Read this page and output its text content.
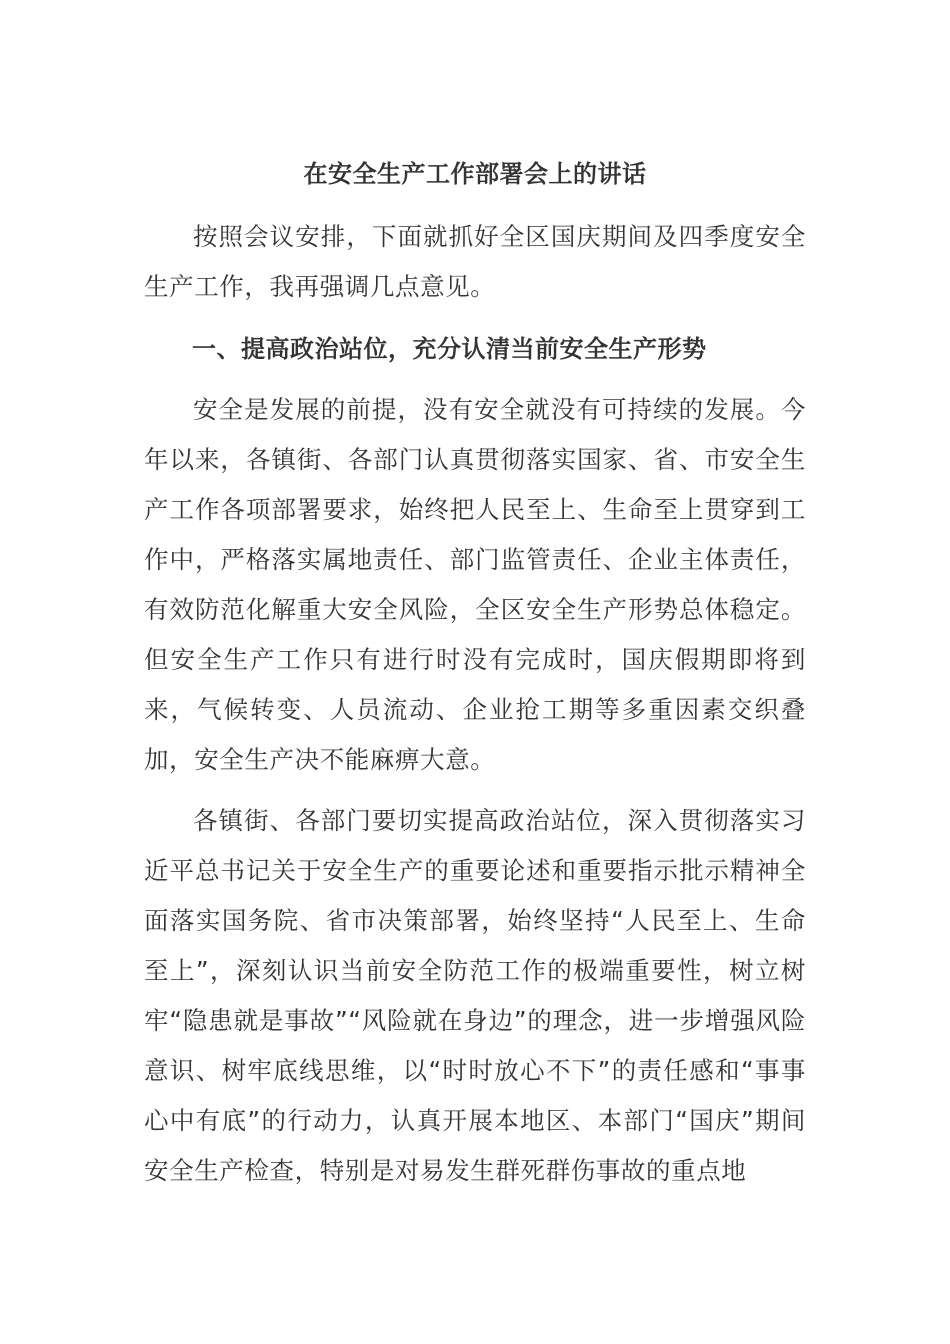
在安全生产工作部署会上的讲话

按照会议安排，下面就抓好全区国庆期间及四季度安全生产工作，我再强调几点意见。

一、提高政治站位，充分认清当前安全生产形势

安全是发展的前提，没有安全就没有可持续的发展。今年以来，各镇街、各部门认真贯彻落实国家、省、市安全生产工作各项部署要求，始终把人民至上、生命至上贯穿到工作中，严格落实属地责任、部门监管责任、企业主体责任，有效防范化解重大安全风险，全区安全生产形势总体稳定。但安全生产工作只有进行时没有完成时，国庆假期即将到来，气候转变、人员流动、企业抢工期等多重因素交织叠加，安全生产决不能麻痹大意。

各镇街、各部门要切实提高政治站位，深入贯彻落实习近平总书记关于安全生产的重要论述和重要指示批示精神全面落实国务院、省市决策部署，始终坚持“人民至上、生命至上”，深刻认识当前安全防范工作的极端重要性，树立树牢“隐患就是事故”“风险就在身边”的理念，进一步增强风险意识、树牢底线思维，以“时时放心不下”的责任感和“事事心中有底”的行动力，认真开展本地区、本部门“国庆”期间安全生产检查，特别是对易发生群死群伤事故的重点地
